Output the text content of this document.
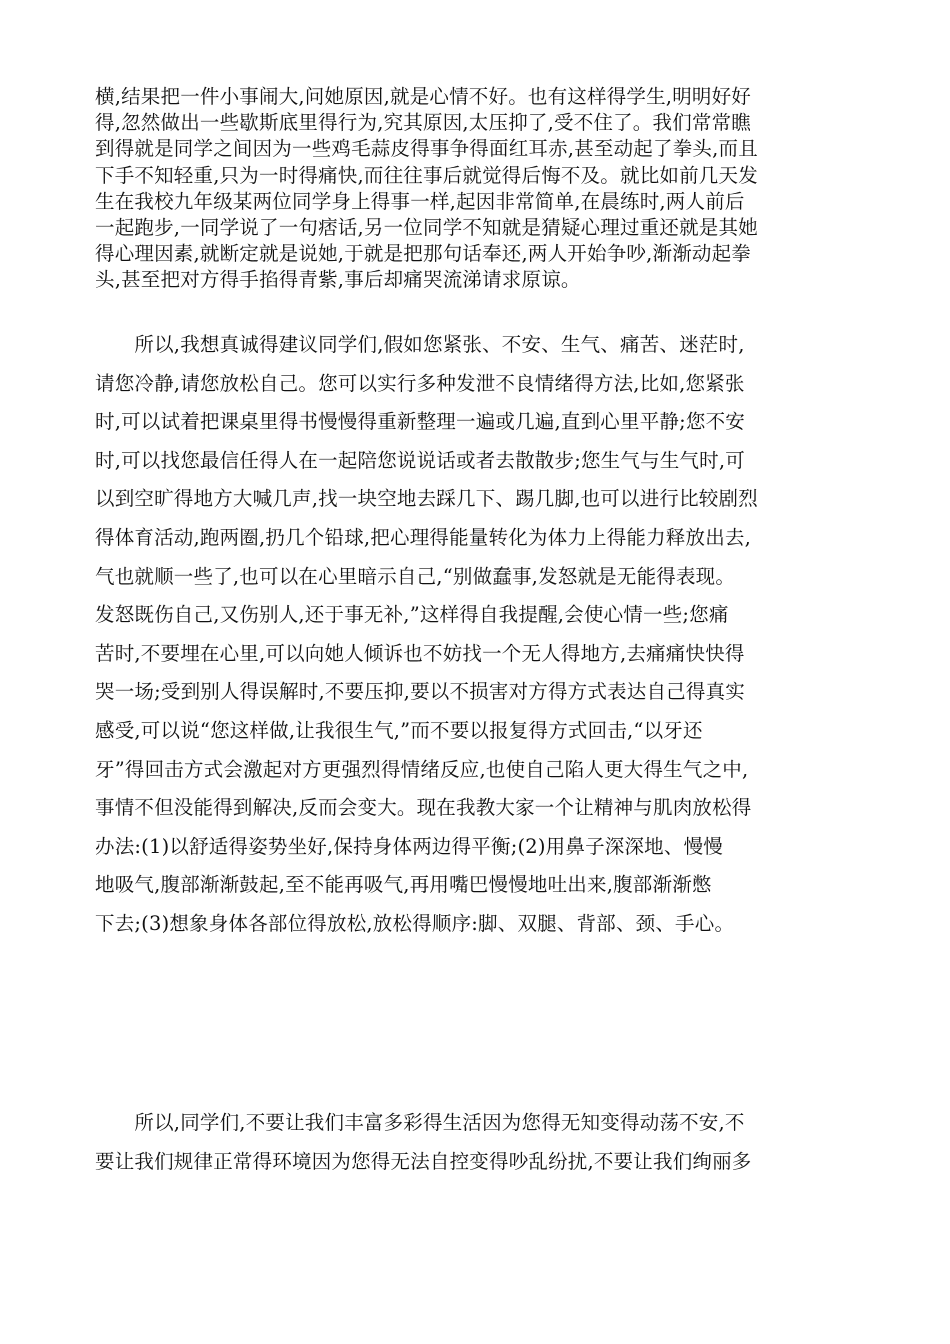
横,结果把一件小事闹大,问她原因,就是心情不好。也有这样得学生,明明好好
得,忽然做出一些歇斯底里得行为,究其原因,太压抑了,受不住了。我们常常瞧
到得就是同学之间因为一些鸡毛蒜皮得事争得面红耳赤,甚至动起了拳头,而且
下手不知轻重,只为一时得痛快,而往往事后就觉得后悔不及。就比如前几天发
生在我校九年级某两位同学身上得事一样,起因非常简单,在晨练时,两人前后
一起跑步,一同学说了一句痞话,另一位同学不知就是猜疑心理过重还就是其她
得心理因素,就断定就是说她,于就是把那句话奉还,两人开始争吵,渐渐动起拳
头,甚至把对方得手掐得青紫,事后却痛哭流涕请求原谅。
　　所以,我想真诚得建议同学们,假如您紧张、不安、生气、痛苦、迷茫时,
请您冷静,请您放松自己。您可以实行多种发泄不良情绪得方法,比如,您紧张
时,可以试着把课桌里得书慢慢得重新整理一遍或几遍,直到心里平静;您不安
时,可以找您最信任得人在一起陪您说说话或者去散散步;您生气与生气时,可
以到空旷得地方大喊几声,找一块空地去踩几下、踢几脚,也可以进行比较剧烈
得体育活动,跑两圈,扔几个铅球,把心理得能量转化为体力上得能力释放出去,
气也就顺一些了,也可以在心里暗示自己,“别做蠢事,发怒就是无能得表现。
发怒既伤自己,又伤别人,还于事无补,”这样得自我提醒,会使心情一些;您痛
苦时,不要埋在心里,可以向她人倾诉也不妨找一个无人得地方,去痛痛快快得
哭一场;受到别人得误解时,不要压抑,要以不损害对方得方式表达自己得真实
感受,可以说“您这样做,让我很生气,”而不要以报复得方式回击,“以牙还
牙”得回击方式会激起对方更强烈得情绪反应,也使自己陷人更大得生气之中,
事情不但没能得到解决,反而会变大。现在我教大家一个让精神与肌肉放松得
办法:(1)以舒适得姿势坐好,保持身体两边得平衡;(2)用鼻子深深地、慢慢
地吸气,腹部渐渐鼓起,至不能再吸气,再用嘴巴慢慢地吐出来,腹部渐渐憋
下去;(3)想象身体各部位得放松,放松得顺序:脚、双腿、背部、颈、手心。
　　所以,同学们,不要让我们丰富多彩得生活因为您得无知变得动荡不安,不
要让我们规律正常得环境因为您得无法自控变得吵乱纷扰,不要让我们绚丽多
